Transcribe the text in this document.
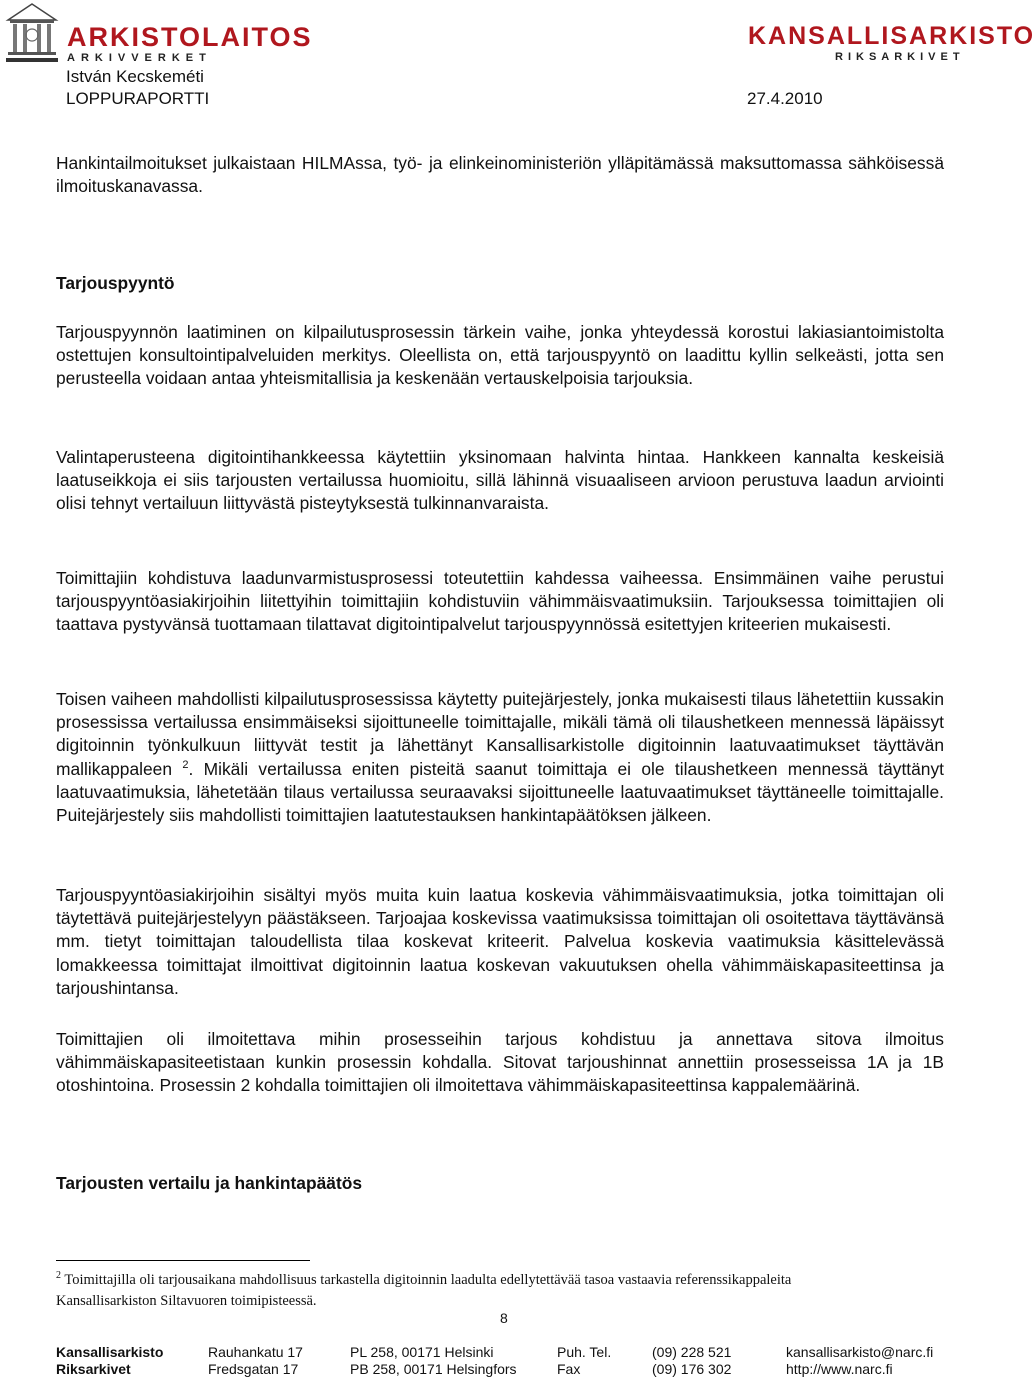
ARKISTOLAITOS
ARKIVVERKET
KANSALLISARKISTO
RIKSARKIVET
István Kecskeméti
LOPPURAPORTTI	27.4.2010

Hankintailmoitukset julkaistaan HILMAssa, työ- ja elinkeinoministeriön ylläpitämässä maksuttomassa sähköisessä ilmoituskanavassa.

Tarjouspyyntö

Tarjouspyynnön laatiminen on kilpailutusprosessin tärkein vaihe, jonka yhteydessä korostui lakiasiantoimistolta ostettujen konsultointipalveluiden merkitys. Oleellista on, että tarjouspyyntö on laadittu kyllin selkeästi, jotta sen perusteella voidaan antaa yhteismitallisia ja keskenään vertauskelpoisia tarjouksia.

Valintaperusteena digitointihankkeessa käytettiin yksinomaan halvinta hintaa. Hankkeen kannalta keskeisiä laatuseikkoja ei siis tarjousten vertailussa huomioitu, sillä lähinnä visuaaliseen arvioon perustuva laadun arviointi olisi tehnyt vertailuun liittyvästä pisteytyksestä tulkinnanvaraista.

Toimittajiin kohdistuva laadunvarmistusprosessi toteutettiin kahdessa vaiheessa. Ensimmäinen vaihe perustui tarjouspyyntöasiakirjoihin liitettyihin toimittajiin kohdistuviin vähimmäisvaatimuksiin. Tarjouksessa toimittajien oli taattava pystyvänsä tuottamaan tilattavat digitointipalvelut tarjouspyynnössä esitettyjen kriteerien mukaisesti.

Toisen vaiheen mahdollisti kilpailutusprosessissa käytetty puitejärjestely, jonka mukaisesti tilaus lähetettiin kussakin prosessissa vertailussa ensimmäiseksi sijoittuneelle toimittajalle, mikäli tämä oli tilaushetkeen mennessä läpäissyt digitoinnin työnkulkuun liittyvät testit ja lähettänyt Kansallisarkistolle digitoinnin laatuvaatimukset täyttävän mallikappaleen $^2$. Mikäli vertailussa eniten pisteitä saanut toimittaja ei ole tilaushetkeen mennessä täyttänyt laatuvaatimuksia, lähetetään tilaus vertailussa seuraavaksi sijoittuneelle laatuvaatimukset täyttäneelle toimittajalle. Puitejärjestely siis mahdollisti toimittajien laatutestauksen hankintapäätöksen jälkeen.

Tarjouspyyntöasiakirjoihin sisältyi myös muita kuin laatua koskevia vähimmäisvaatimuksia, jotka toimittajan oli täytettävä puitejärjestelyyn päästäkseen. Tarjoajaa koskevissa vaatimuksissa toimittajan oli osoitettava täyttävänsä mm. tietyt toimittajan taloudellista tilaa koskevat kriteerit. Palvelua koskevia vaatimuksia käsittelevässä lomakkeessa toimittajat ilmoittivat digitoinnin laatua koskevan vakuutuksen ohella vähimmäiskapasiteettinsa ja tarjoushintansa.

Toimittajien oli ilmoitettava mihin prosesseihin tarjous kohdistuu ja annettava sitova ilmoitus vähimmäiskapasiteetistaan kunkin prosessin kohdalla. Sitovat tarjoushinnat annettiin prosesseissa 1A ja 1B otoshintoina. Prosessin 2 kohdalla toimittajien oli ilmoitettava vähimmäiskapasiteettinsa kappalemäärinä.

Tarjousten vertailu ja hankintapäätös
$^2$ Toimittajilla oli tarjousaikana mahdollisuus tarkastella digitoinnin laadulta edellytettävää tasoa vastaavia referenssikappaleita
Kansallisarkiston Siltavuoren toimipisteessä.
8
Kansallisarkisto	Rauhankatu 17	PL 258, 00171 Helsinki	Puh. Tel.	(09) 228 521	kansallisarkisto@narc.fi
Riksarkivet	Fredsgatan 17	PB 258, 00171 Helsingfors	Fax	(09) 176 302	http://www.narc.fi
